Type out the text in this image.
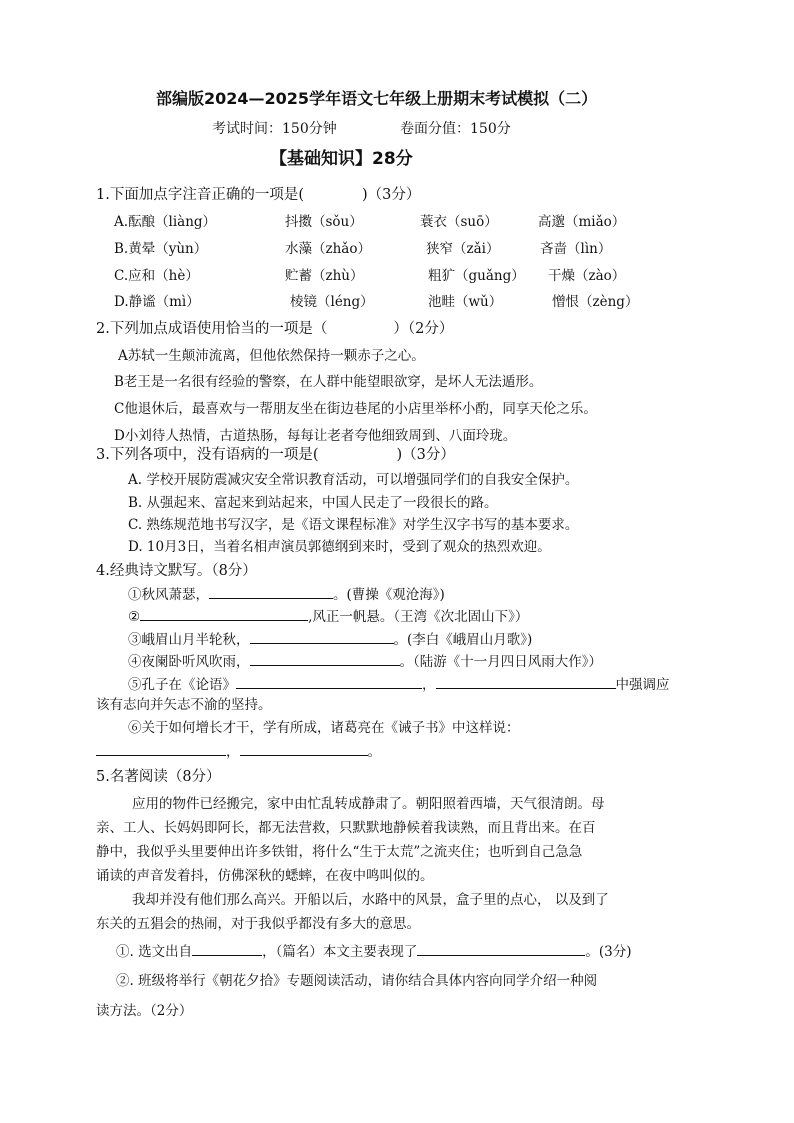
部编版2024—2025学年语文七年级上册期末考试模拟（二）
考试时间：150分钟	卷面分值：150分
【基础知识】28分
1.下面加点字注音正确的一项是(	)（3分）
A.酝酿（liàng）	抖擞（sǒu）	蓑衣（suō）	高邈（miǎo）
B.黄晕（yùn）	水藻（zhǎo）	狭窄（zǎi）	吝啬（lìn）
C.应和（hè）	贮蓄（zhù）	粗犷（guǎng） 干燥（zào）
D.静谧（mì）	棱镜（léng）	池畦（wǔ）	憎恨（zèng）
2.下列加点成语使用恰当的一项是（	）（2分）
A苏轼一生颠沛流离，但他依然保持一颗赤子之心。
B老王是一名很有经验的警察，在人群中能望眼欲穿，是坏人无法遁形。
C他退休后，最喜欢与一帮朋友坐在街边巷尾的小店里举杯小酌，同享天伦之乐。
D小刘待人热情，古道热肠，每每让老者夸他细致周到、八面玲珑。
3.下列各项中，没有语病的一项是(	)（3分）
A. 学校开展防震减灾安全常识教育活动，可以增强同学们的自我安全保护。
B. 从强起来、富起来到站起来，中国人民走了一段很长的路。
C. 熟练规范地书写汉字，是《语文课程标准》对学生汉字书写的基本要求。
D. 10月3日，当着名相声演员郭德纲到来时，受到了观众的热烈欢迎。
4.经典诗文默写。（8分）
①秋风萧瑟，	。(曹操《观沧海》)
②	,风正一帆悬。（王湾《次北固山下》）
③峨眉山月半轮秋，	。(李白《峨眉山月歌》)
④夜阑卧听风吹雨，	。（陆游《十一月四日风雨大作》）
⑤孔子在《论语》	，	中强调应
该有志向并矢志不渝的坚持。
⑥关于如何增长才干，学有所成，诸葛亮在《诫子书》中这样说：
，	。
5.名著阅读（8分）
应用的物件已经搬完，家中由忙乱转成静肃了。朝阳照着西墙，天气很清朗。母
亲、工人、长妈妈即阿长，都无法营救，只默默地静候着我读熟，而且背出来。在百
静中，我似乎头里要伸出许多铁钳，将什么“生于太荒”之流夹住；也听到自己急急
诵读的声音发着抖，仿佛深秋的蟋蟀，在夜中鸣叫似的。
我却并没有他们那么高兴。开船以后，水路中的风景，盒子里的点心， 以及到了
东关的五猖会的热闹，对于我似乎都没有多大的意思。
①. 选文出自	，（篇名）本文主要表现了	。(3分)
②. 班级将举行《朝花夕拾》专题阅读活动，请你结合具体内容向同学介绍一种阅
读方法。（2分）
